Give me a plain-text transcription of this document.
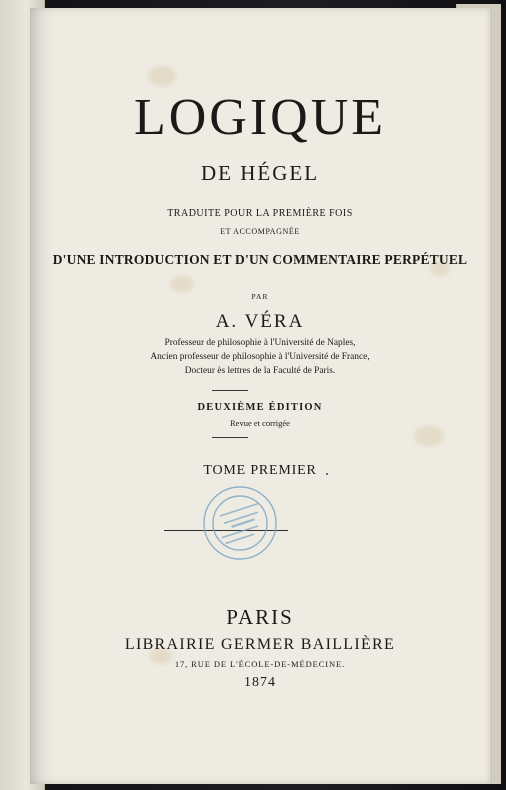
LOGIQUE
DE HÉGEL
TRADUITE POUR LA PREMIÈRE FOIS
ET ACCOMPAGNÉE
D'UNE INTRODUCTION ET D'UN COMMENTAIRE PERPÉTUEL
PAR
A. VÉRA
Professeur de philosophie à l'Université de Naples,
Ancien professeur de philosophie à l'Université de France,
Docteur ès lettres de la Faculté de Paris.
DEUXIÈME ÉDITION
Revue et corrigée
TOME PREMIER
PARIS
LIBRAIRIE GERMER BAILLIÈRE
17, RUE DE L'ÉCOLE-DE-MÉDECINE.
1874
